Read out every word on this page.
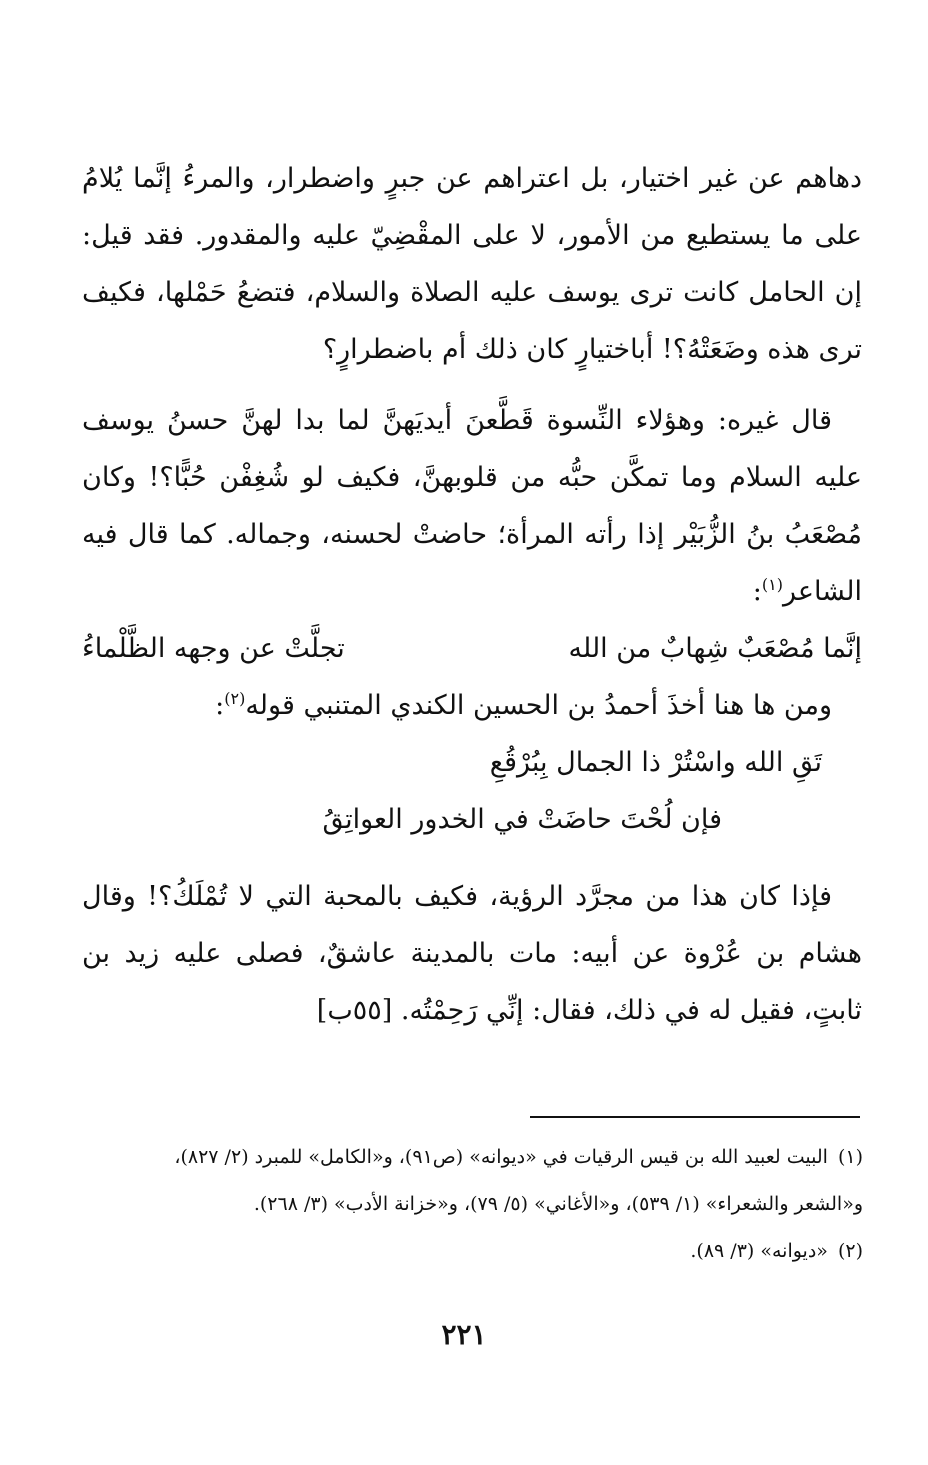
دهاهم عن غير اختيار، بل اعتراهم عن جبرٍ واضطرار، والمرءُ إنَّما يُلامُ على ما يستطيع من الأمور، لا على المقْضِيّ عليه والمقدور. فقد قيل: إن الحامل كانت ترى يوسف عليه الصلاة والسلام، فتضعُ حَمْلها، فكيف ترى هذه وضَعَتْهُ؟! أباختيارٍ كان ذلك أم باضطرارٍ؟

قال غيره: وهؤلاء النِّسوة قَطَّعنَ أيديَهنَّ لما بدا لهنَّ حسنُ يوسف عليه السلام وما تمكَّن حبُّه من قلوبهنَّ، فكيف لو شُغِفْن حُبًّا؟! وكان مُصْعَبُ بنُ الزُّبَيْر إذا رأته المرأة؛ حاضتْ لحسنه، وجماله. كما قال فيه الشاعر$^{(١)}$:

إنَّما مُصْعَبٌ شِهابٌ من الله
تجلَّتْ عن وجهه الظَّلْماءُ
ومن ها هنا أخذَ أحمدُ بن الحسين الكندي المتنبي قوله$^{(٢)}$:
تَقِ الله واسْتُرْ ذا الجمال بِبُرْقُعِ
فإن لُحْتَ حاضَتْ في الخدور العواتِقُ

فإذا كان هذا من مجرَّد الرؤية، فكيف بالمحبة التي لا تُمْلَكُ؟! وقال هشام بن عُرْوة عن أبيه: مات بالمدينة عاشقٌ، فصلى عليه زيد بن ثابتٍ، فقيل له في ذلك، فقال: إنِّي رَحِمْتُه. [٥٥ب]

(١)البيت لعبيد الله بن قيس الرقيات في «ديوانه» (ص٩١)، و«الكامل» للمبرد (٢/ ٨٢٧)،

و«الشعر والشعراء» (١/ ٥٣٩)، و«الأغاني» (٥/ ٧٩)، و«خزانة الأدب» (٣/ ٢٦٨).

(٢)«ديوانه» (٣/ ٨٩).

٢٢١
